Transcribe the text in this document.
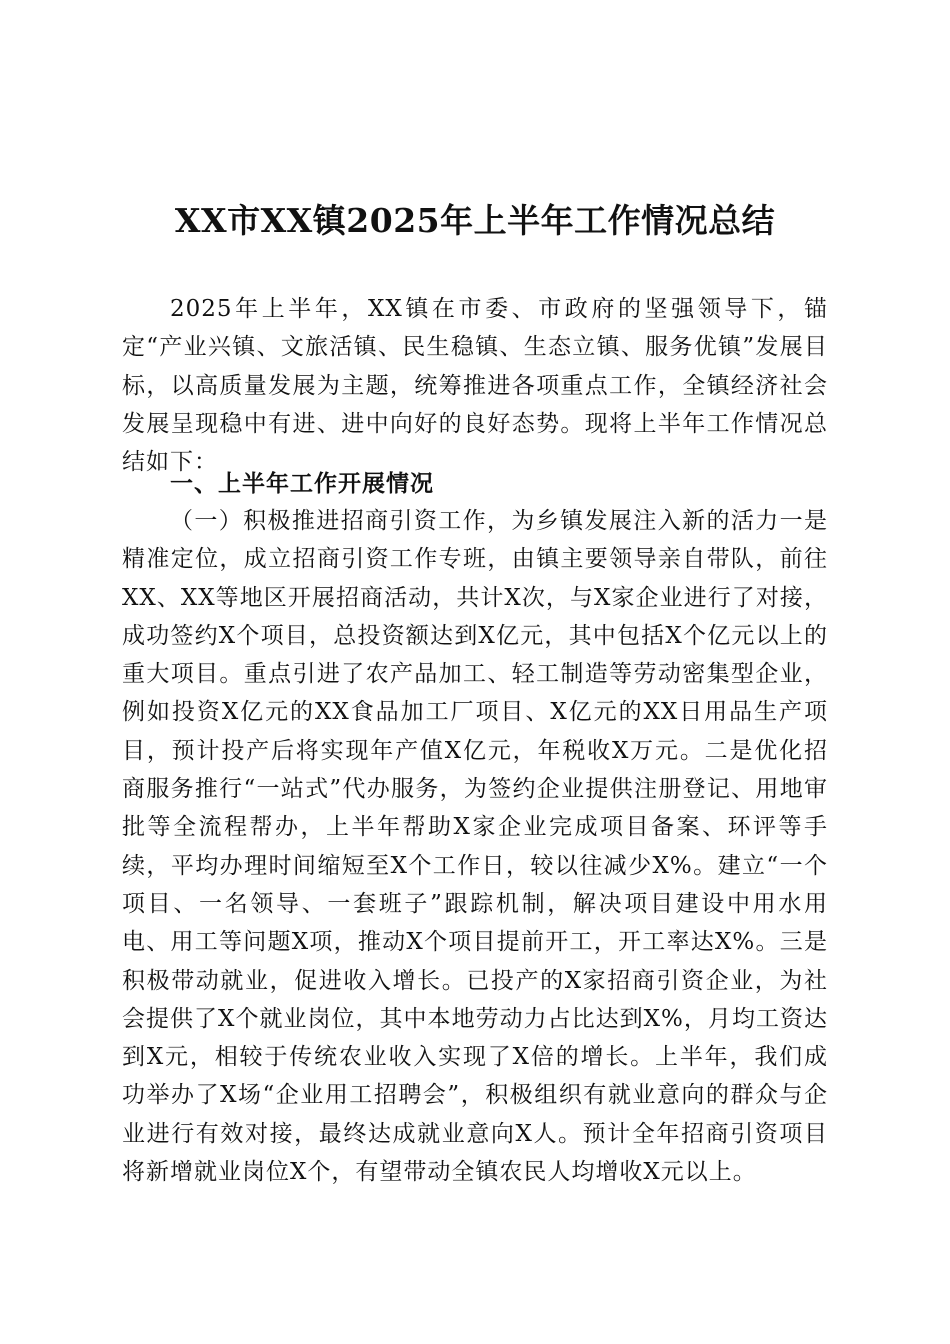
XX市XX镇2025年上半年工作情况总结

2025年上半年，XX镇在市委、市政府的坚强领导下，锚定“产业兴镇、文旅活镇、民生稳镇、生态立镇、服务优镇”发展目标，以高质量发展为主题，统筹推进各项重点工作，全镇经济社会发展呈现稳中有进、进中向好的良好态势。现将上半年工作情况总结如下：

一、上半年工作开展情况

（一）积极推进招商引资工作，为乡镇发展注入新的活力一是精准定位，成立招商引资工作专班，由镇主要领导亲自带队，前往XX、XX等地区开展招商活动，共计X次，与X家企业进行了对接，成功签约X个项目，总投资额达到X亿元，其中包括X个亿元以上的重大项目。重点引进了农产品加工、轻工制造等劳动密集型企业，例如投资X亿元的XX食品加工厂项目、X亿元的XX日用品生产项目，预计投产后将实现年产值X亿元，年税收X万元。二是优化招商服务推行“一站式”代办服务，为签约企业提供注册登记、用地审批等全流程帮办，上半年帮助X家企业完成项目备案、环评等手续，平均办理时间缩短至X个工作日，较以往减少X%。建立“一个项目、一名领导、一套班子”跟踪机制，解决项目建设中用水用电、用工等问题X项，推动X个项目提前开工，开工率达X%。三是积极带动就业，促进收入增长。已投产的X家招商引资企业，为社会提供了X个就业岗位，其中本地劳动力占比达到X%，月均工资达到X元，相较于传统农业收入实现了X倍的增长。上半年，我们成功举办了X场“企业用工招聘会”，积极组织有就业意向的群众与企业进行有效对接，最终达成就业意向X人。预计全年招商引资项目将新增就业岗位X个，有望带动全镇农民人均增收X元以上。
